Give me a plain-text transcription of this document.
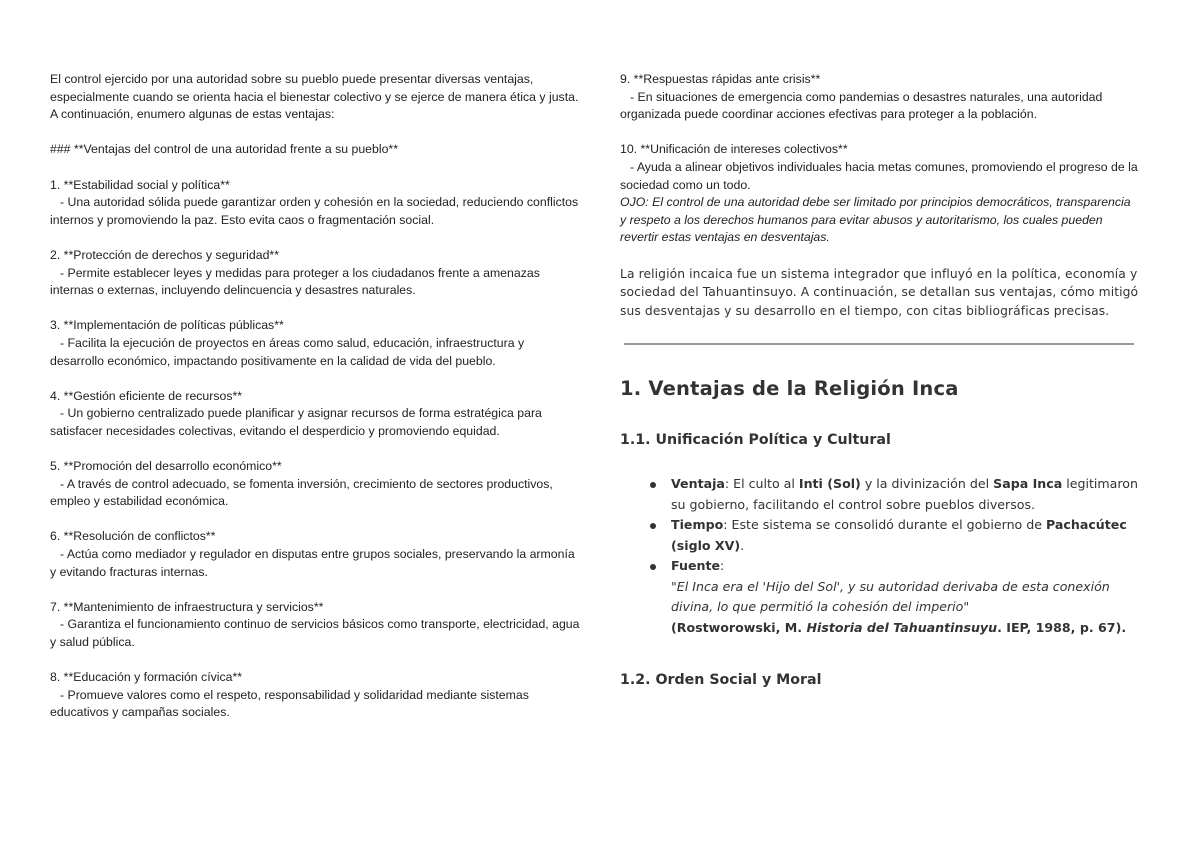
El control ejercido por una autoridad sobre su pueblo puede presentar diversas ventajas, especialmente cuando se orienta hacia el bienestar colectivo y se ejerce de manera ética y justa. A continuación, enumero algunas de estas ventajas:

### **Ventajas del control de una autoridad frente a su pueblo**

1. **Estabilidad social y política**
- Una autoridad sólida puede garantizar orden y cohesión en la sociedad, reduciendo conflictos internos y promoviendo la paz. Esto evita caos o fragmentación social.
2. **Protección de derechos y seguridad**
- Permite establecer leyes y medidas para proteger a los ciudadanos frente a amenazas internas o externas, incluyendo delincuencia y desastres naturales.
3. **Implementación de políticas públicas**
- Facilita la ejecución de proyectos en áreas como salud, educación, infraestructura y desarrollo económico, impactando positivamente en la calidad de vida del pueblo.
4. **Gestión eficiente de recursos**
- Un gobierno centralizado puede planificar y asignar recursos de forma estratégica para satisfacer necesidades colectivas, evitando el desperdicio y promoviendo equidad.
5. **Promoción del desarrollo económico**
- A través de control adecuado, se fomenta inversión, crecimiento de sectores productivos, empleo y estabilidad económica.
6. **Resolución de conflictos**
- Actúa como mediador y regulador en disputas entre grupos sociales, preservando la armonía y evitando fracturas internas.
7. **Mantenimiento de infraestructura y servicios**
- Garantiza el funcionamiento continuo de servicios básicos como transporte, electricidad, agua y salud pública.
8. **Educación y formación cívica**
- Promueve valores como el respeto, responsabilidad y solidaridad mediante sistemas educativos y campañas sociales.
9. **Respuestas rápidas ante crisis**
- En situaciones de emergencia como pandemias o desastres naturales, una autoridad organizada puede coordinar acciones efectivas para proteger a la población.
10. **Unificación de intereses colectivos**
- Ayuda a alinear objetivos individuales hacia metas comunes, promoviendo el progreso de la sociedad como un todo.

OJO: El control de una autoridad debe ser limitado por principios democráticos, transparencia y respeto a los derechos humanos para evitar abusos y autoritarismo, los cuales pueden revertir estas ventajas en desventajas.

La religión incaica fue un sistema integrador que influyó en la política, economía y sociedad del Tahuantinsuyo. A continuación, se detallan sus ventajas, cómo mitigó sus desventajas y su desarrollo en el tiempo, con citas bibliográficas precisas.

1. Ventajas de la Religión Inca
1.1. Unificación Política y Cultural
Ventaja: El culto al Inti (Sol) y la divinización del Sapa Inca legitimaron su gobierno, facilitando el control sobre pueblos diversos.
Tiempo: Este sistema se consolidó durante el gobierno de Pachacútec (siglo XV).
Fuente:
"El Inca era el 'Hijo del Sol', y su autoridad derivaba de esta conexión divina, lo que permitió la cohesión del imperio"
(Rostworowski, M. Historia del Tahuantinsuyu. IEP, 1988, p. 67).
1.2. Orden Social y Moral
